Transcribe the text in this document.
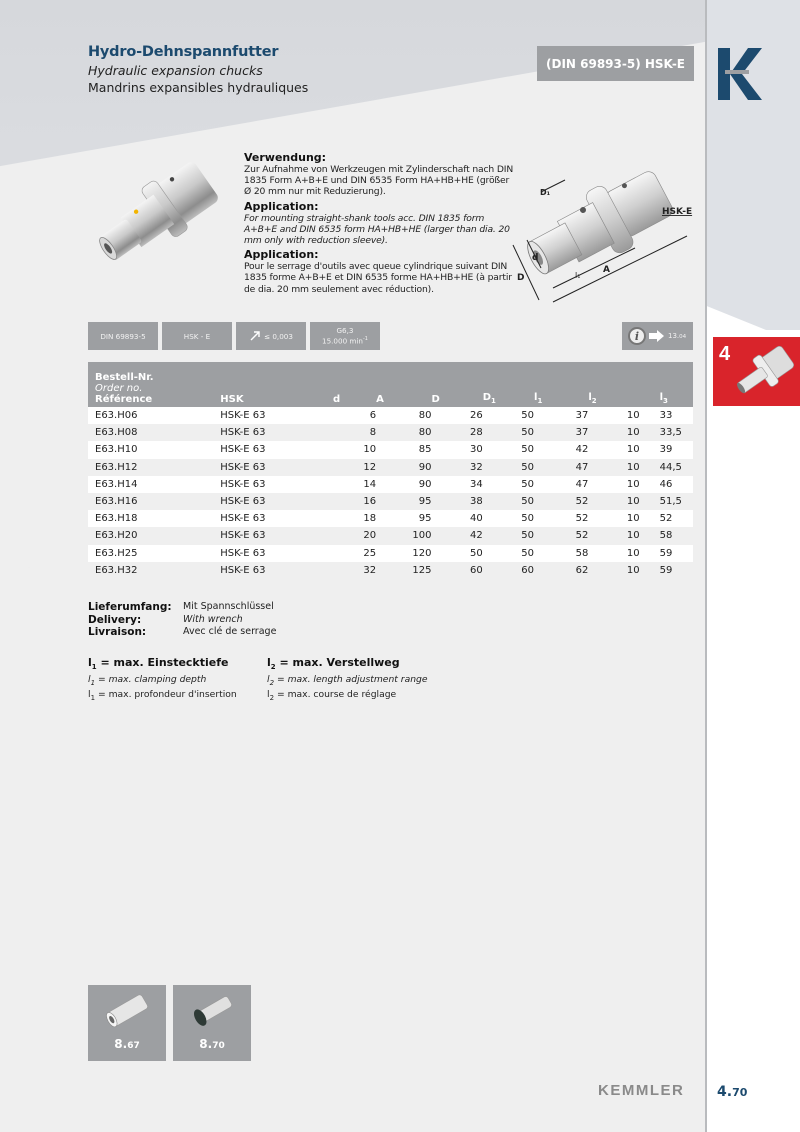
Hydro-Dehnspannfutter
Hydraulic expansion chucks
Mandrins expansibles hydrauliques
(DIN 69893-5) HSK-E
Verwendung:

Zur Aufnahme von Werkzeugen mit Zylinderschaft nach DIN 1835 Form A+B+E und DIN 6535 Form HA+HB+HE (größer Ø 20 mm nur mit Reduzierung).

Application:

For mounting straight-shank tools acc. DIN 1835 form A+B+E and DIN 6535 form HA+HB+HE (larger than dia. 20 mm only with reduction sleeve).

Application:

Pour le serrage d'outils avec queue cylindrique suivant DIN 1835 forme A+B+E et DIN 6535 forme HA+HB+HE (à partir de dia. 20 mm seulement avec réduction).

D
d
D₁
l₁
A
HSK-E
DIN 69893-5	HSK - E	≤ 0,003
G6,3
15.000 $\min^{-1}$	i	13.04
Bestell-Nr.
Order no.
Référence	HSK	d	A	D	$D_1$	$l_1$	$l_2$	$l_3$
E63.H06	HSK-E 63	6	80	26	50	37	10	33
E63.H08	HSK-E 63	8	80	28	50	37	10	33,5
E63.H10	HSK-E 63	10	85	30	50	42	10	39
E63.H12	HSK-E 63	12	90	32	50	47	10	44,5
E63.H14	HSK-E 63	14	90	34	50	47	10	46
E63.H16	HSK-E 63	16	95	38	50	52	10	51,5
E63.H18	HSK-E 63	18	95	40	50	52	10	52
E63.H20	HSK-E 63	20	100	42	50	52	10	58
E63.H25	HSK-E 63	25	120	50	50	58	10	59
E63.H32	HSK-E 63	32	125	60	60	62	10	59
Lieferumfang:	Mit Spannschlüssel
Delivery:	With wrench
Livraison:	Avec clé de serrage
$l_1 = \max$. Einstecktiefe
$l_1 = \max$. clamping depth
$l_1 = \max$. profondeur d'insertion
$l_2 = \max$. Verstellweg
$l_2 = \max$. length adjustment range
$l_2 = \max$. course de réglage
8.67	8.70
KEMMLER
4
4.70
